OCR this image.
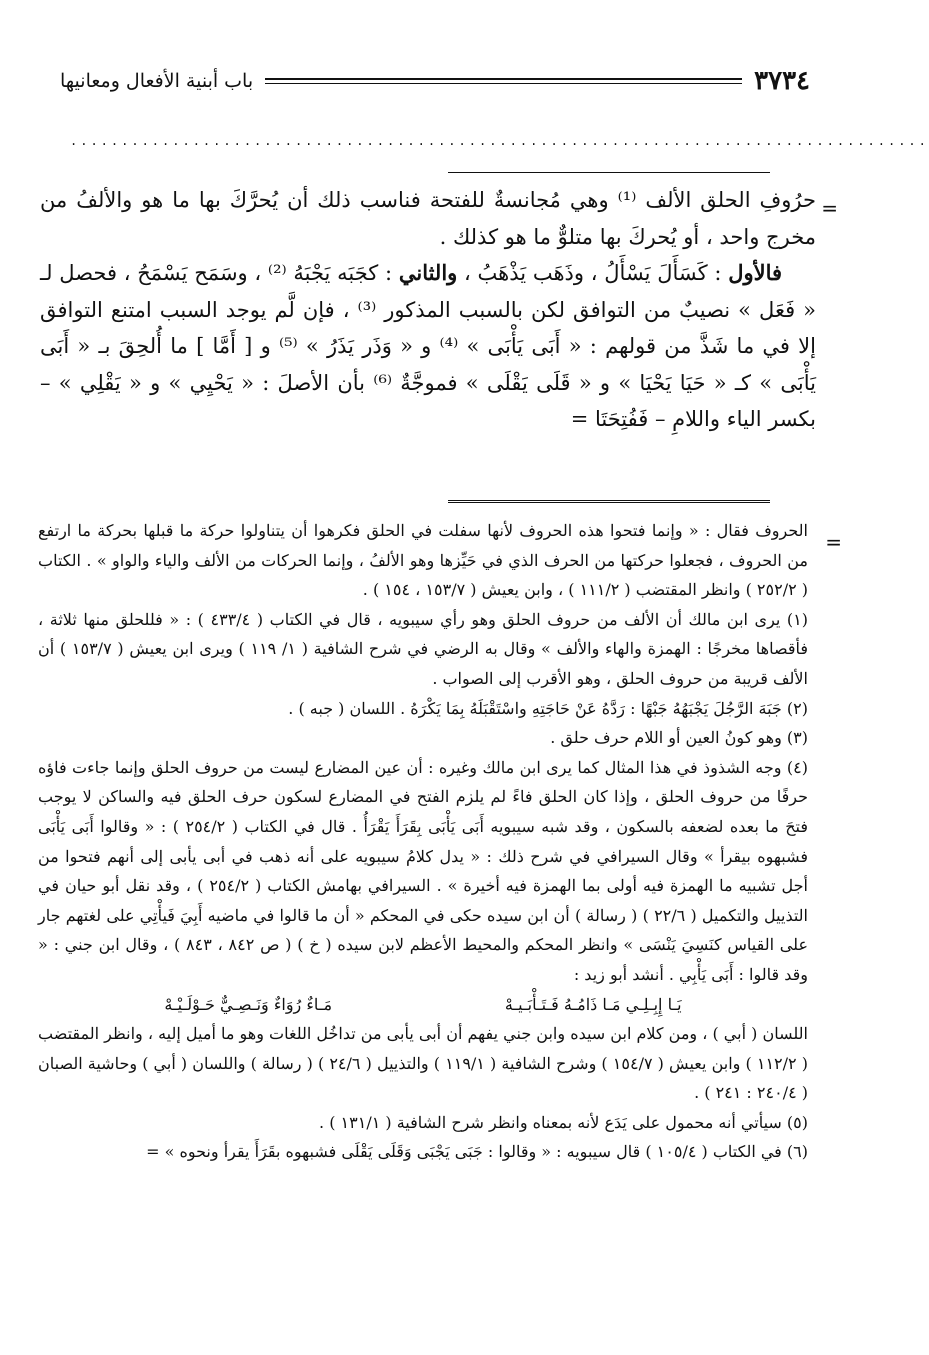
٣٧٣٤
باب أبنية الأفعال ومعانيها
....................................................................................
=

حرُوفِ الحلق الألف ⁽¹⁾ وهي مُجانسةٌ للفتحة فناسب ذلك أن يُحرَّكَ بها ما هو والألفُ من مخرج واحد ، أو يُحركَ بها متلوٌّ ما هو كذلك .

فالأول : كَسَأَلَ يَسْأَلُ ، وذَهَب يَذْهَبُ ، والثاني : كجَبَه يَجْبَهُ ⁽²⁾ ، وسَمَح يَسْمَحُ ، فحصل لـ « فَعَل » نصيبٌ من التوافق لكن بالسبب المذكور ⁽³⁾ ، فإن لَّم يوجد السبب امتنع التوافق إلا في ما شَذَّ من قولهم : « أَبَى يَأْبَى » ⁽⁴⁾ و « وَذَر يَذَرُ » ⁽⁵⁾ و [ أَمَّا ] ما أُلحِقَ بـ « أَبَى يَأْبَى » كـ « حَيَا يَحْيَا » و « قَلَى يَقْلَى » فموجَّةٌ ⁽⁶⁾ بأن الأصلَ : « يَحْيِي » و « يَقْلِي » – بكسر الياء واللامِ – فَفُتِحَتَا =

=

الحروف فقال : « وإنما فتحوا هذه الحروف لأنها سفلت في الحلق فكرهوا أن يتناولوا حركة ما قبلها بحركة ما ارتفع من الحروف ، فجعلوا حركتها من الحرف الذي في حَيِّزها وهو الألفُ ، وإنما الحركات من الألف والياء والواو » . الكتاب ( ٢٥٢/٢ ) وانظر المقتضب ( ١١١/٢ ) ، وابن يعيش ( ١٥٣/٧ ، ١٥٤ ) .

(١) يرى ابن مالك أن الألف من حروف الحلق وهو رأي سيبويه ، قال في الكتاب ( ٤٣٣/٤ ) : « فللحلق منها ثلاثة ، فأقصاها مخرجًا : الهمزة والهاء والألف » وقال به الرضي في شرح الشافية ( ١/ ١١٩ ) ويرى ابن يعيش ( ١٥٣/٧ ) أن الألف قريبة من حروف الحلق ، وهو الأقرب إلى الصواب .

(٢) جَبَهَ الرَّجُلَ يَجْبَهُهُ جَبْهًا : رَدَّهُ عَنْ حَاجَتِهِ واسْتَقْبَلَهُ بِمَا يَكْرَهُ . اللسان ( جبه ) .

(٣) وهو كونُ العين أو اللام حرف حلق .

(٤) وجه الشذوذ في هذا المثال كما يرى ابن مالك وغيره : أن عين المضارع ليست من حروف الحلق وإنما جاءت فاؤه حرفًا من حروف الحلق ، وإذا كان الحلق فاءً لم يلزم الفتح في المضارع لسكون حرف الحلق فيه والساكن لا يوجب فتحَ ما بعده لضعفه بالسكون ، وقد شبه سيبويه أَبَى يَأْبَى بِقَرَأَ يَقْرَأُ . قال في الكتاب ( ٢٥٤/٢ ) : « وقالوا أَبَى يَأْبَى فشبهوه بيقرأ » وقال السيرافي في شرح ذلك : « يدل كلامُ سيبويه على أنه ذهب في أبى يأبى إلى أنهم فتحوا من أجل تشبيه ما الهمزة فيه أولى بما الهمزة فيه أخيرة » . السيرافي بهامش الكتاب ( ٢٥٤/٢ ) ، وقد نقل أبو حيان في التذييل والتكميل ( ٢٢/٦ ) ( رسالة ) أن ابن سيده حكى في المحكم « أن ما قالوا في ماضيه أَبِيَ فَيأْتِي على لغتهم جار على القياس كنَسِيَ يَنْسَى » وانظر المحكم والمحيط الأعظم لابن سيده ( خ ) ( ص ٨٤٢ ، ٨٤٣ ) ، وقال ابن جني : « وقد قالوا : أَبَى يَأْبِي . أنشد أبو زيد :

يَـا إِبِـلِـي مَـا ذَامُـهُ فَـتَـأْبَـيـهْ
مَـاءٌ رُوَاءٌ وَنَـصِـيٌّ حَـوْلَـيْـهْ

اللسان ( أبي ) ، ومن كلام ابن سيده وابن جني يفهم أن أبى يأبى من تداخُل اللغات وهو ما أميل إليه ، وانظر المقتضب ( ١١٢/٢ ) وابن يعيش ( ١٥٤/٧ ) وشرح الشافية ( ١١٩/١ ) والتذييل ( ٢٤/٦ ) ( رسالة ) واللسان ( أبي ) وحاشية الصبان ( ٢٤٠/٤ : ٢٤١ ) .

(٥) سيأتي أنه محمول على يَدَع لأنه بمعناه وانظر شرح الشافية ( ١٣١/١ ) .

(٦) في الكتاب ( ١٠٥/٤ ) قال سيبويه : « وقالوا : جَبَى يَجْبَى وَقَلَى يَقْلَى فشبهوه بقَرَأَ يقرأ ونحوه » =
